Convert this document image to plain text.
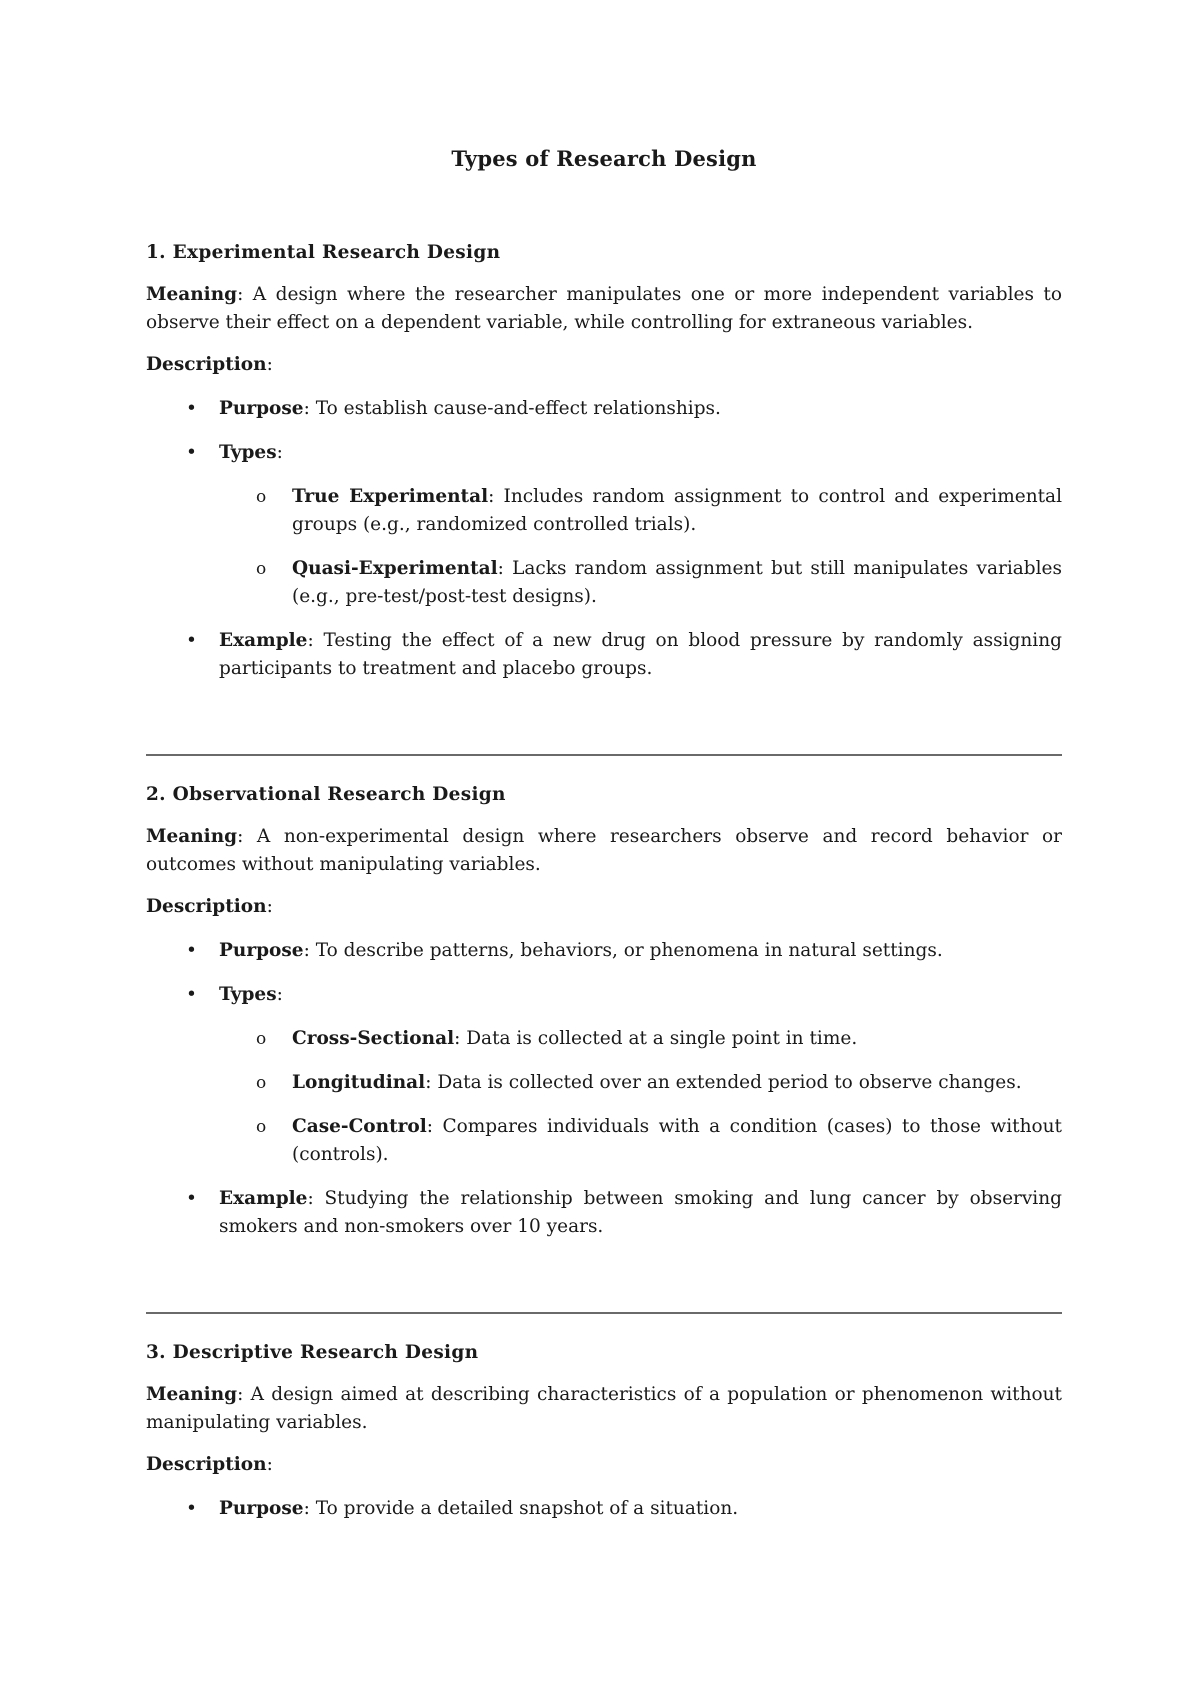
Types of Research Design
1. Experimental Research Design

Meaning: A design where the researcher manipulates one or more independent variables to observe their effect on a dependent variable, while controlling for extraneous variables.

Description:

• Purpose: To establish cause-and-effect relationships.

• Types:

o True Experimental: Includes random assignment to control and experimental groups (e.g., randomized controlled trials).

o Quasi-Experimental: Lacks random assignment but still manipulates variables (e.g., pre-test/post-test designs).

• Example: Testing the effect of a new drug on blood pressure by randomly assigning participants to treatment and placebo groups.

2. Observational Research Design

Meaning: A non-experimental design where researchers observe and record behavior or outcomes without manipulating variables.

Description:

• Purpose: To describe patterns, behaviors, or phenomena in natural settings.

• Types:

o Cross-Sectional: Data is collected at a single point in time.

o Longitudinal: Data is collected over an extended period to observe changes.

o Case-Control: Compares individuals with a condition (cases) to those without (controls).

• Example: Studying the relationship between smoking and lung cancer by observing smokers and non-smokers over 10 years.

3. Descriptive Research Design

Meaning: A design aimed at describing characteristics of a population or phenomenon without manipulating variables.

Description:

• Purpose: To provide a detailed snapshot of a situation.
